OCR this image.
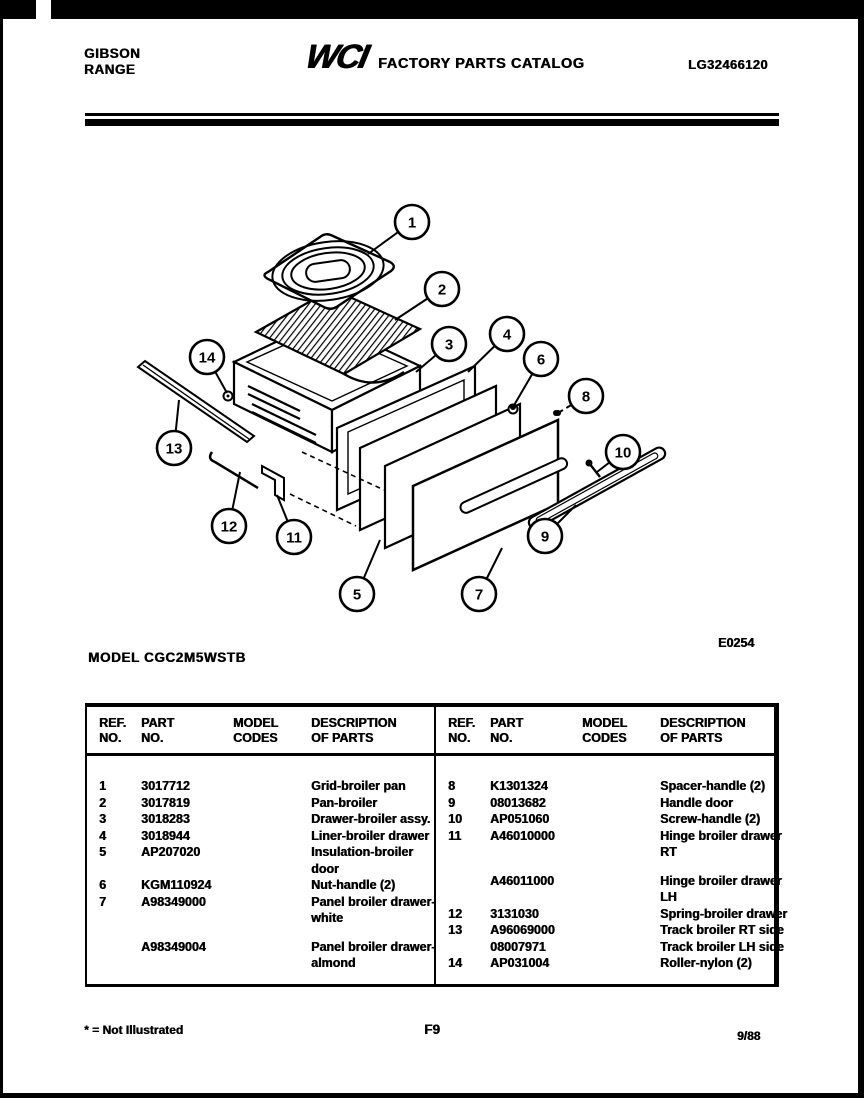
GIBSON
RANGE	WCI FACTORY PARTS CATALOG	LG32466120
1
2
3
4
5
6
7
8
9
10
11
12
13
14
MODEL CGC2M5WSTB
E0254
REF.
NO.
PART
NO.
MODEL
CODES
DESCRIPTION
OF PARTS
1	3017712	Grid-broiler pan
2	3017819	Pan-broiler
3	3018283	Drawer-broiler assy.
4	3018944	Liner-broiler drawer
5	AP207020	Insulation-broiler
door
6	KGM110924	Nut-handle (2)
7	A98349000	Panel broiler drawer-
white
A98349004	Panel broiler drawer-
almond
REF.
NO.
PART
NO.
MODEL
CODES
DESCRIPTION
OF PARTS
8	K1301324	Spacer-handle (2)
9	08013682	Handle door
10	AP051060	Screw-handle (2)
11	A46010000	Hinge broiler drawer
RT
A46011000	Hinge broiler drawer
LH
12	3131030	Spring-broiler drawer
13	A96069000	Track broiler RT side
08007971	Track broiler LH side
14	AP031004	Roller-nylon (2)
* = Not Illustrated	F9	9/88
